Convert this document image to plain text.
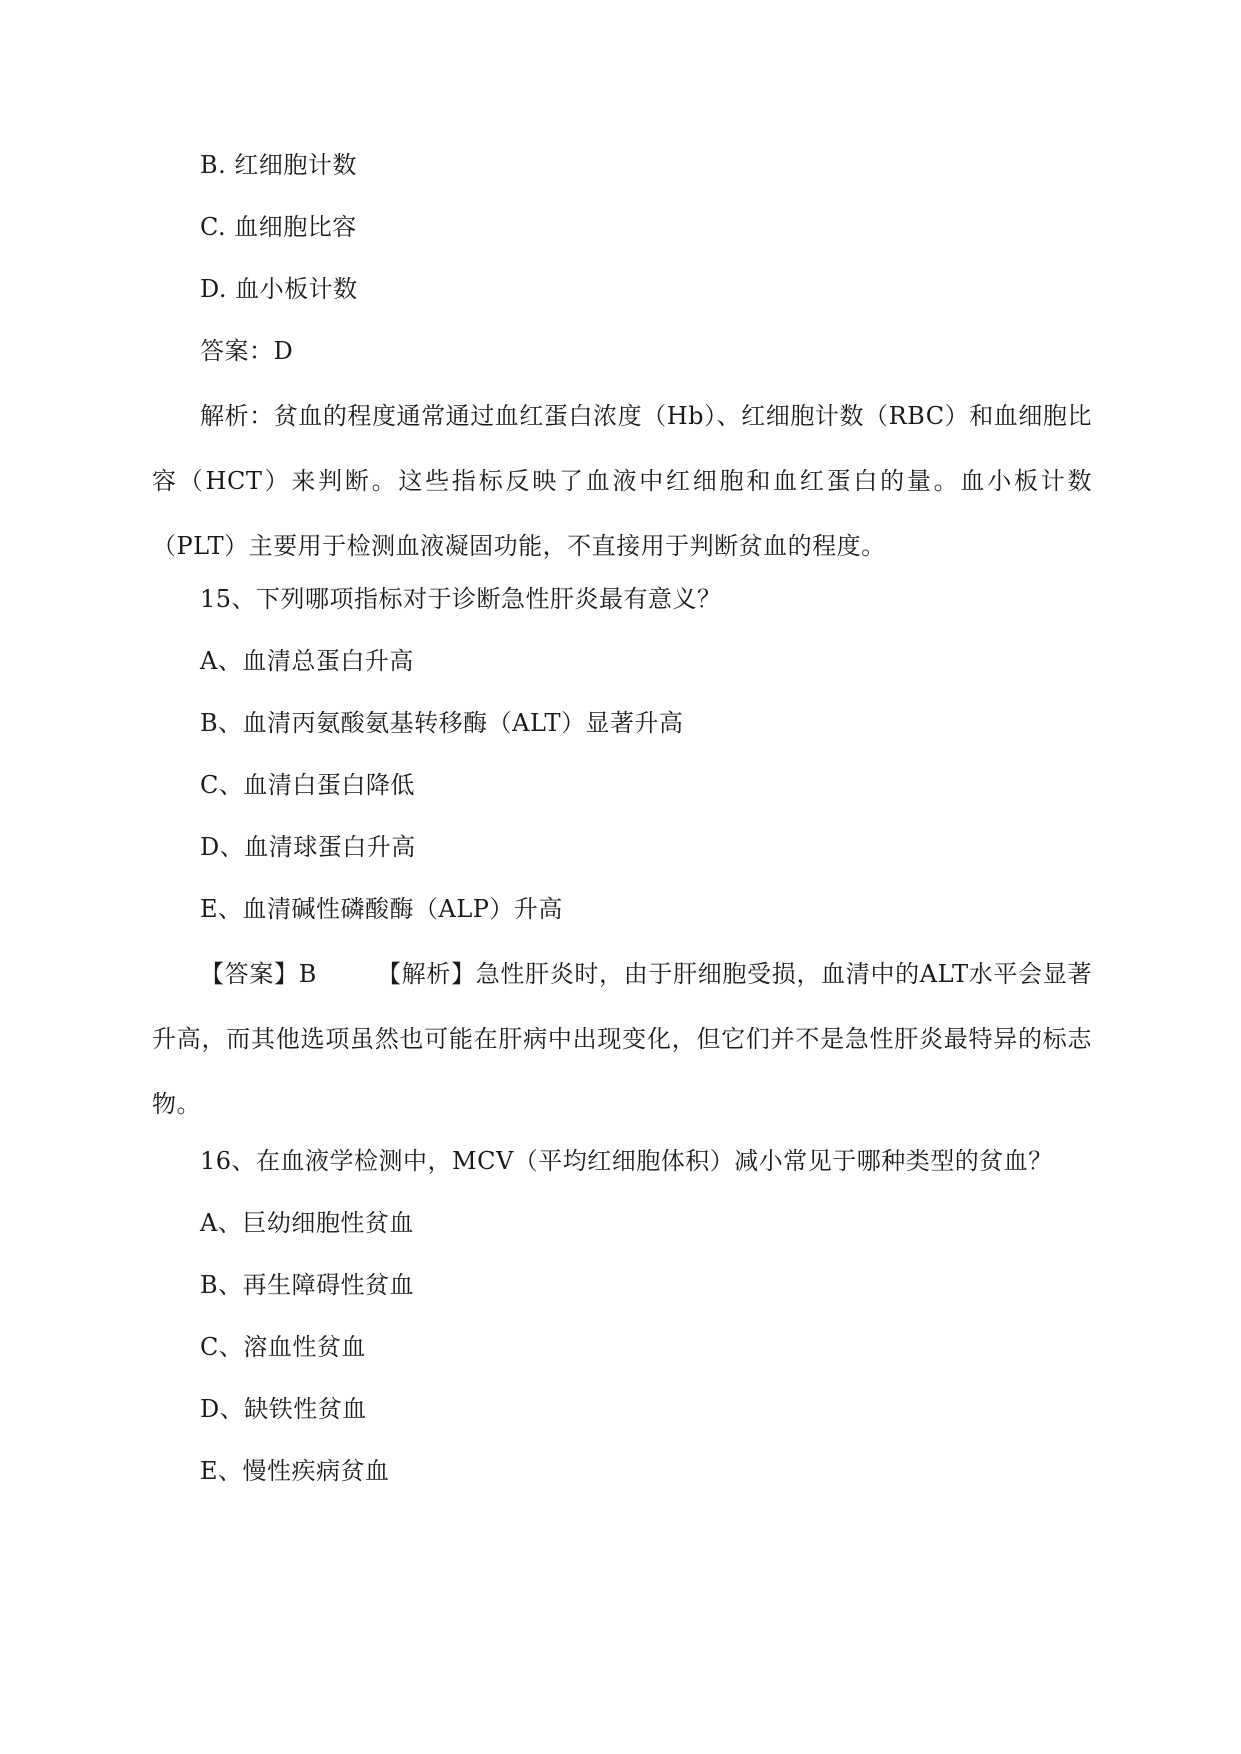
B. 红细胞计数
C. 血细胞比容
D. 血小板计数
答案：D
解析：贫血的程度通常通过血红蛋白浓度（Hb）、红细胞计数（RBC）和血细胞比容（HCT）来判断。这些指标反映了血液中红细胞和血红蛋白的量。血小板计数（PLT）主要用于检测血液凝固功能，不直接用于判断贫血的程度。
15、下列哪项指标对于诊断急性肝炎最有意义？
A、血清总蛋白升高
B、血清丙氨酸氨基转移酶（ALT）显著升高
C、血清白蛋白降低
D、血清球蛋白升高
E、血清碱性磷酸酶（ALP）升高
【答案】B	【解析】急性肝炎时，由于肝细胞受损，血清中的ALT水平会显著升高，而其他选项虽然也可能在肝病中出现变化，但它们并不是急性肝炎最特异的标志物。
16、在血液学检测中，MCV（平均红细胞体积）减小常见于哪种类型的贫血？
A、巨幼细胞性贫血
B、再生障碍性贫血
C、溶血性贫血
D、缺铁性贫血
E、慢性疾病贫血
